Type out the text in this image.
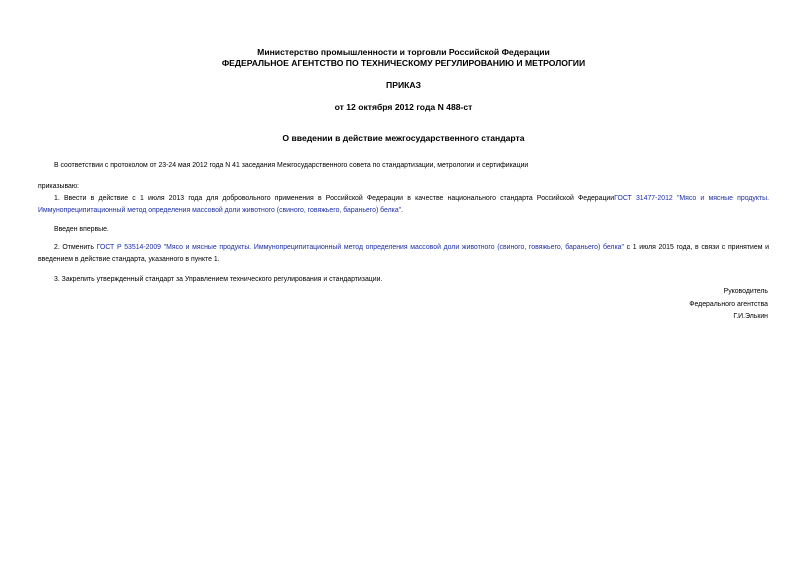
Министерство промышленности и торговли Российской Федерации
ФЕДЕРАЛЬНОЕ АГЕНТСТВО ПО ТЕХНИЧЕСКОМУ РЕГУЛИРОВАНИЮ И МЕТРОЛОГИИ
ПРИКАЗ
от 12 октября 2012 года N 488-ст
О введении в действие межгосударственного стандарта
В соответствии с протоколом от 23-24 мая 2012 года N 41 заседания Межгосударственного совета по стандартизации, метрологии и сертификации
приказываю:
1. Ввести в действие с 1 июля 2013 года для добровольного применения в Российской Федерации в качестве национального стандарта Российской ФедерацииГОСТ 31477-2012 "Мясо и мясные продукты. Иммунопреципитационный метод определения массовой доли животного (свиного, говяжьего, бараньего) белка".
Введен впервые.
2. Отменить ГОСТ Р 53514-2009 "Мясо и мясные продукты. Иммунопреципитационный метод определения массовой доли животного (свиного, говяжьего, бараньего) белка" с 1 июля 2015 года, в связи с принятием и введением в действие стандарта, указанного в пункте 1.
3. Закрепить утвержденный стандарт за Управлением технического регулирования и стандартизации.
Руководитель
Федерального агентства
Г.И.Элькин
